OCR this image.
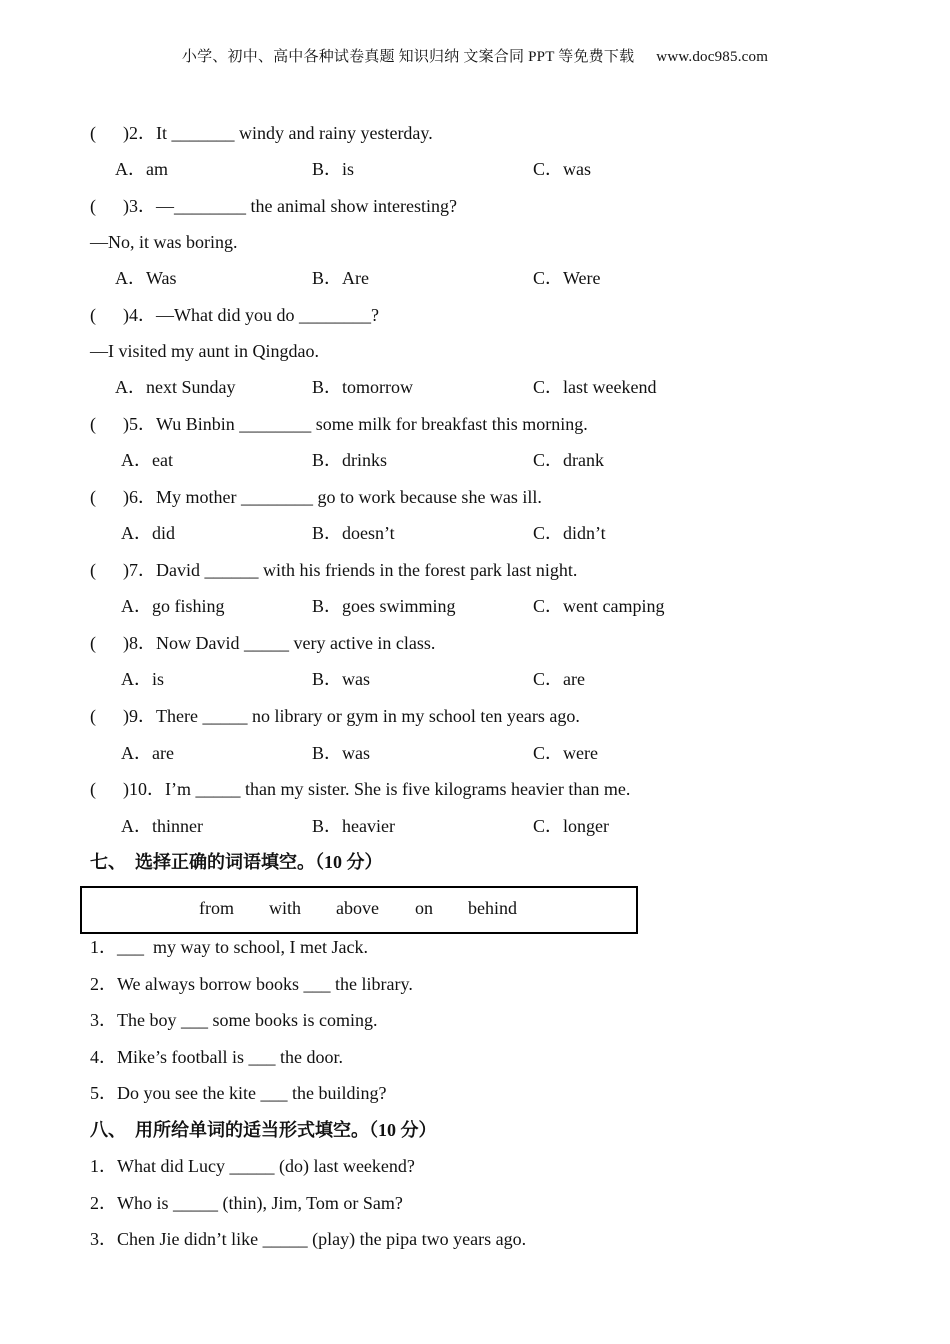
小学、初中、高中各种试卷真题 知识归纳 文案合同 PPT 等免费下载 www.doc985.com
(      )2．It _______ windy and rainy yesterday.
A．am	B．is	C．was
(      )3．—________ the animal show interesting?
—No, it was boring.
A．Was	B．Are	C．Were
(      )4．—What did you do ________?
—I visited my aunt in Qingdao.
A．next Sunday	B．tomorrow	C．last weekend
(      )5．Wu Binbin ________ some milk for breakfast this morning.
A．eat	B．drinks	C．drank
(      )6．My mother ________ go to work because she was ill.
A．did	B．doesn’t	C．didn’t
(      )7．David ______ with his friends in the forest park last night.
A．go fishing	B．goes swimming	C．went camping
(      )8．Now David _____ very active in class.
A．is	B．was	C．are
(      )9．There _____ no library or gym in my school ten years ago.
A．are	B．was	C．were
(      )10．I’m _____ than my sister. She is five kilograms heavier than me.
A．thinner	B．heavier	C．longer
七、  选择正确的词语填空。（10 分）
from with above on behind
1．___  my way to school, I met Jack.
2．We always borrow books ___ the library.
3．The boy ___ some books is coming.
4．Mike’s football is ___ the door.
5．Do you see the kite ___ the building?
八、  用所给单词的适当形式填空。（10 分）
1．What did Lucy _____ (do) last weekend?
2．Who is _____ (thin), Jim, Tom or Sam?
3．Chen Jie didn’t like _____ (play) the pipa two years ago.
